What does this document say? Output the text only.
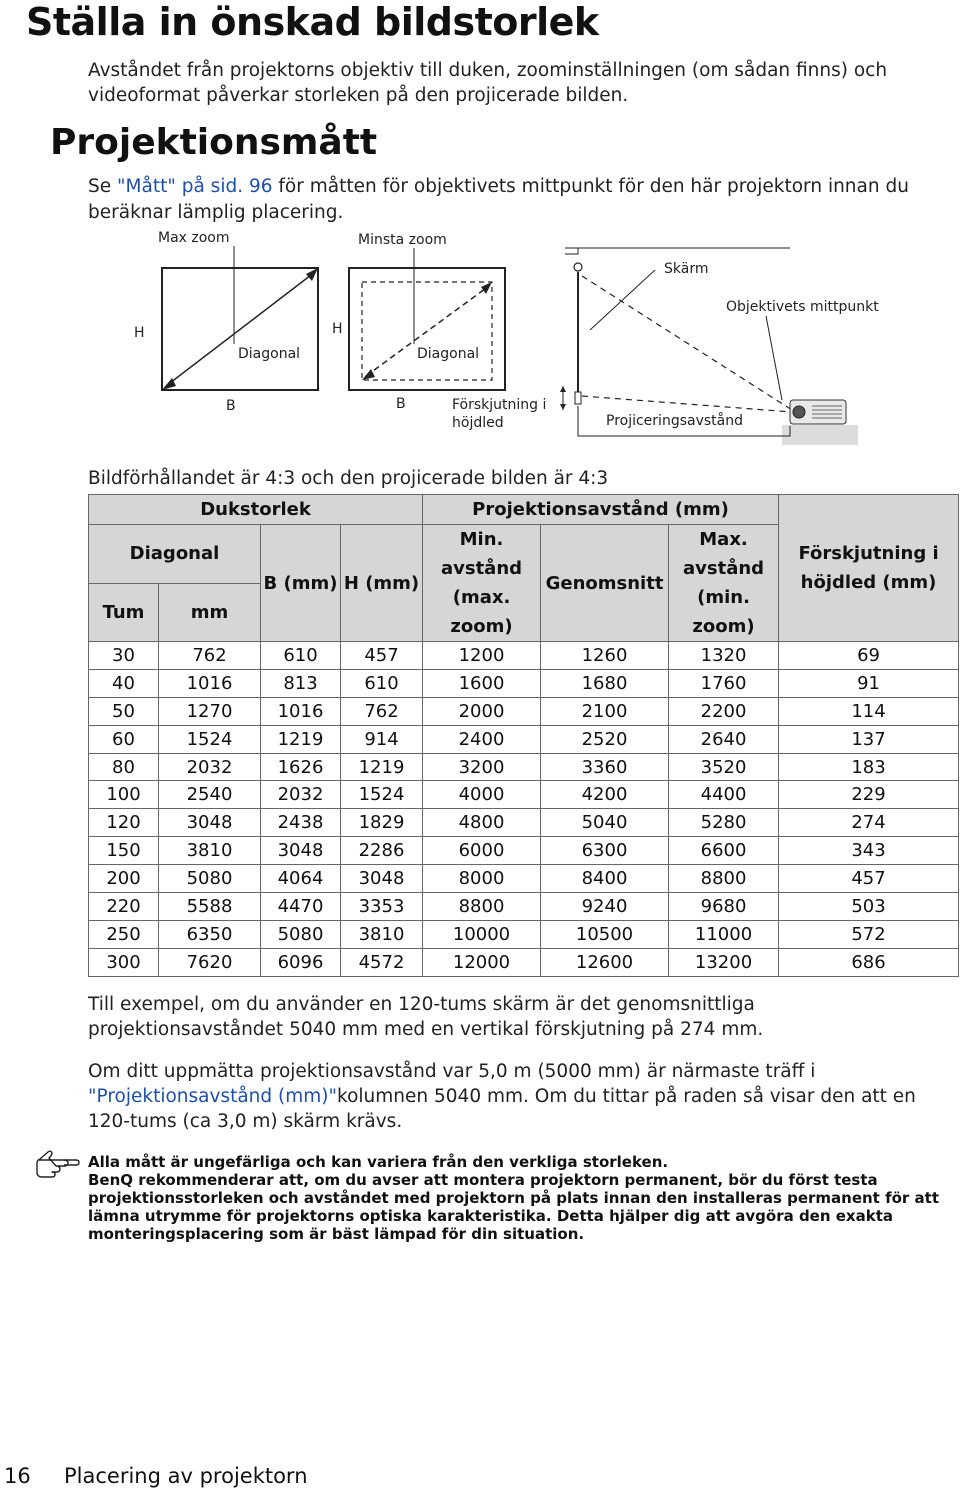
Ställa in önskad bildstorlek

Avståndet från projektorns objektiv till duken, zoominställningen (om sådan finns) och videoformat påverkar storleken på den projicerade bilden.

Projektionsmått

Se "Mått" på sid. 96 för måtten för objektivets mittpunkt för den här projektorn innan du beräknar lämplig placering.

Max zoom
H
Diagonal
B
Minsta zoom
H
Diagonal
B
Skärm
Objektivets mittpunkt
Förskjutning i
höjdled	Projiceringsavstånd
Bildförhållandet är 4:3 och den projicerade bilden är 4:3
Dukstorlek				Projektionsavstånd (mm)			Förskjutning i höjdled (mm)
Diagonal		B (mm)	H (mm)	Min. avstånd (max. zoom)	Genomsnitt	Max. avstånd (min. zoom)	
Tum	mm						
30	762	610	457	1200	1260	1320	69
40	1016	813	610	1600	1680	1760	91
50	1270	1016	762	2000	2100	2200	114
60	1524	1219	914	2400	2520	2640	137
80	2032	1626	1219	3200	3360	3520	183
100	2540	2032	1524	4000	4200	4400	229
120	3048	2438	1829	4800	5040	5280	274
150	3810	3048	2286	6000	6300	6600	343
200	5080	4064	3048	8000	8400	8800	457
220	5588	4470	3353	8800	9240	9680	503
250	6350	5080	3810	10000	10500	11000	572
300	7620	6096	4572	12000	12600	13200	686

Till exempel, om du använder en 120-tums skärm är det genomsnittliga projektionsavståndet 5040 mm med en vertikal förskjutning på 274 mm.

Om ditt uppmätta projektionsavstånd var 5,0 m (5000 mm) är närmaste träff i "Projektionsavstånd (mm)"kolumnen 5040 mm. Om du tittar på raden så visar den att en 120-tums (ca 3,0 m) skärm krävs.

Alla mått är ungefärliga och kan variera från den verkliga storleken.
BenQ rekommenderar att, om du avser att montera projektorn permanent, bör du först testa projektionsstorleken och avståndet med projektorn på plats innan den installeras permanent för att lämna utrymme för projektorns optiska karakteristika. Detta hjälper dig att avgöra den exakta monteringsplacering som är bäst lämpad för din situation.
16 Placering av projektorn
